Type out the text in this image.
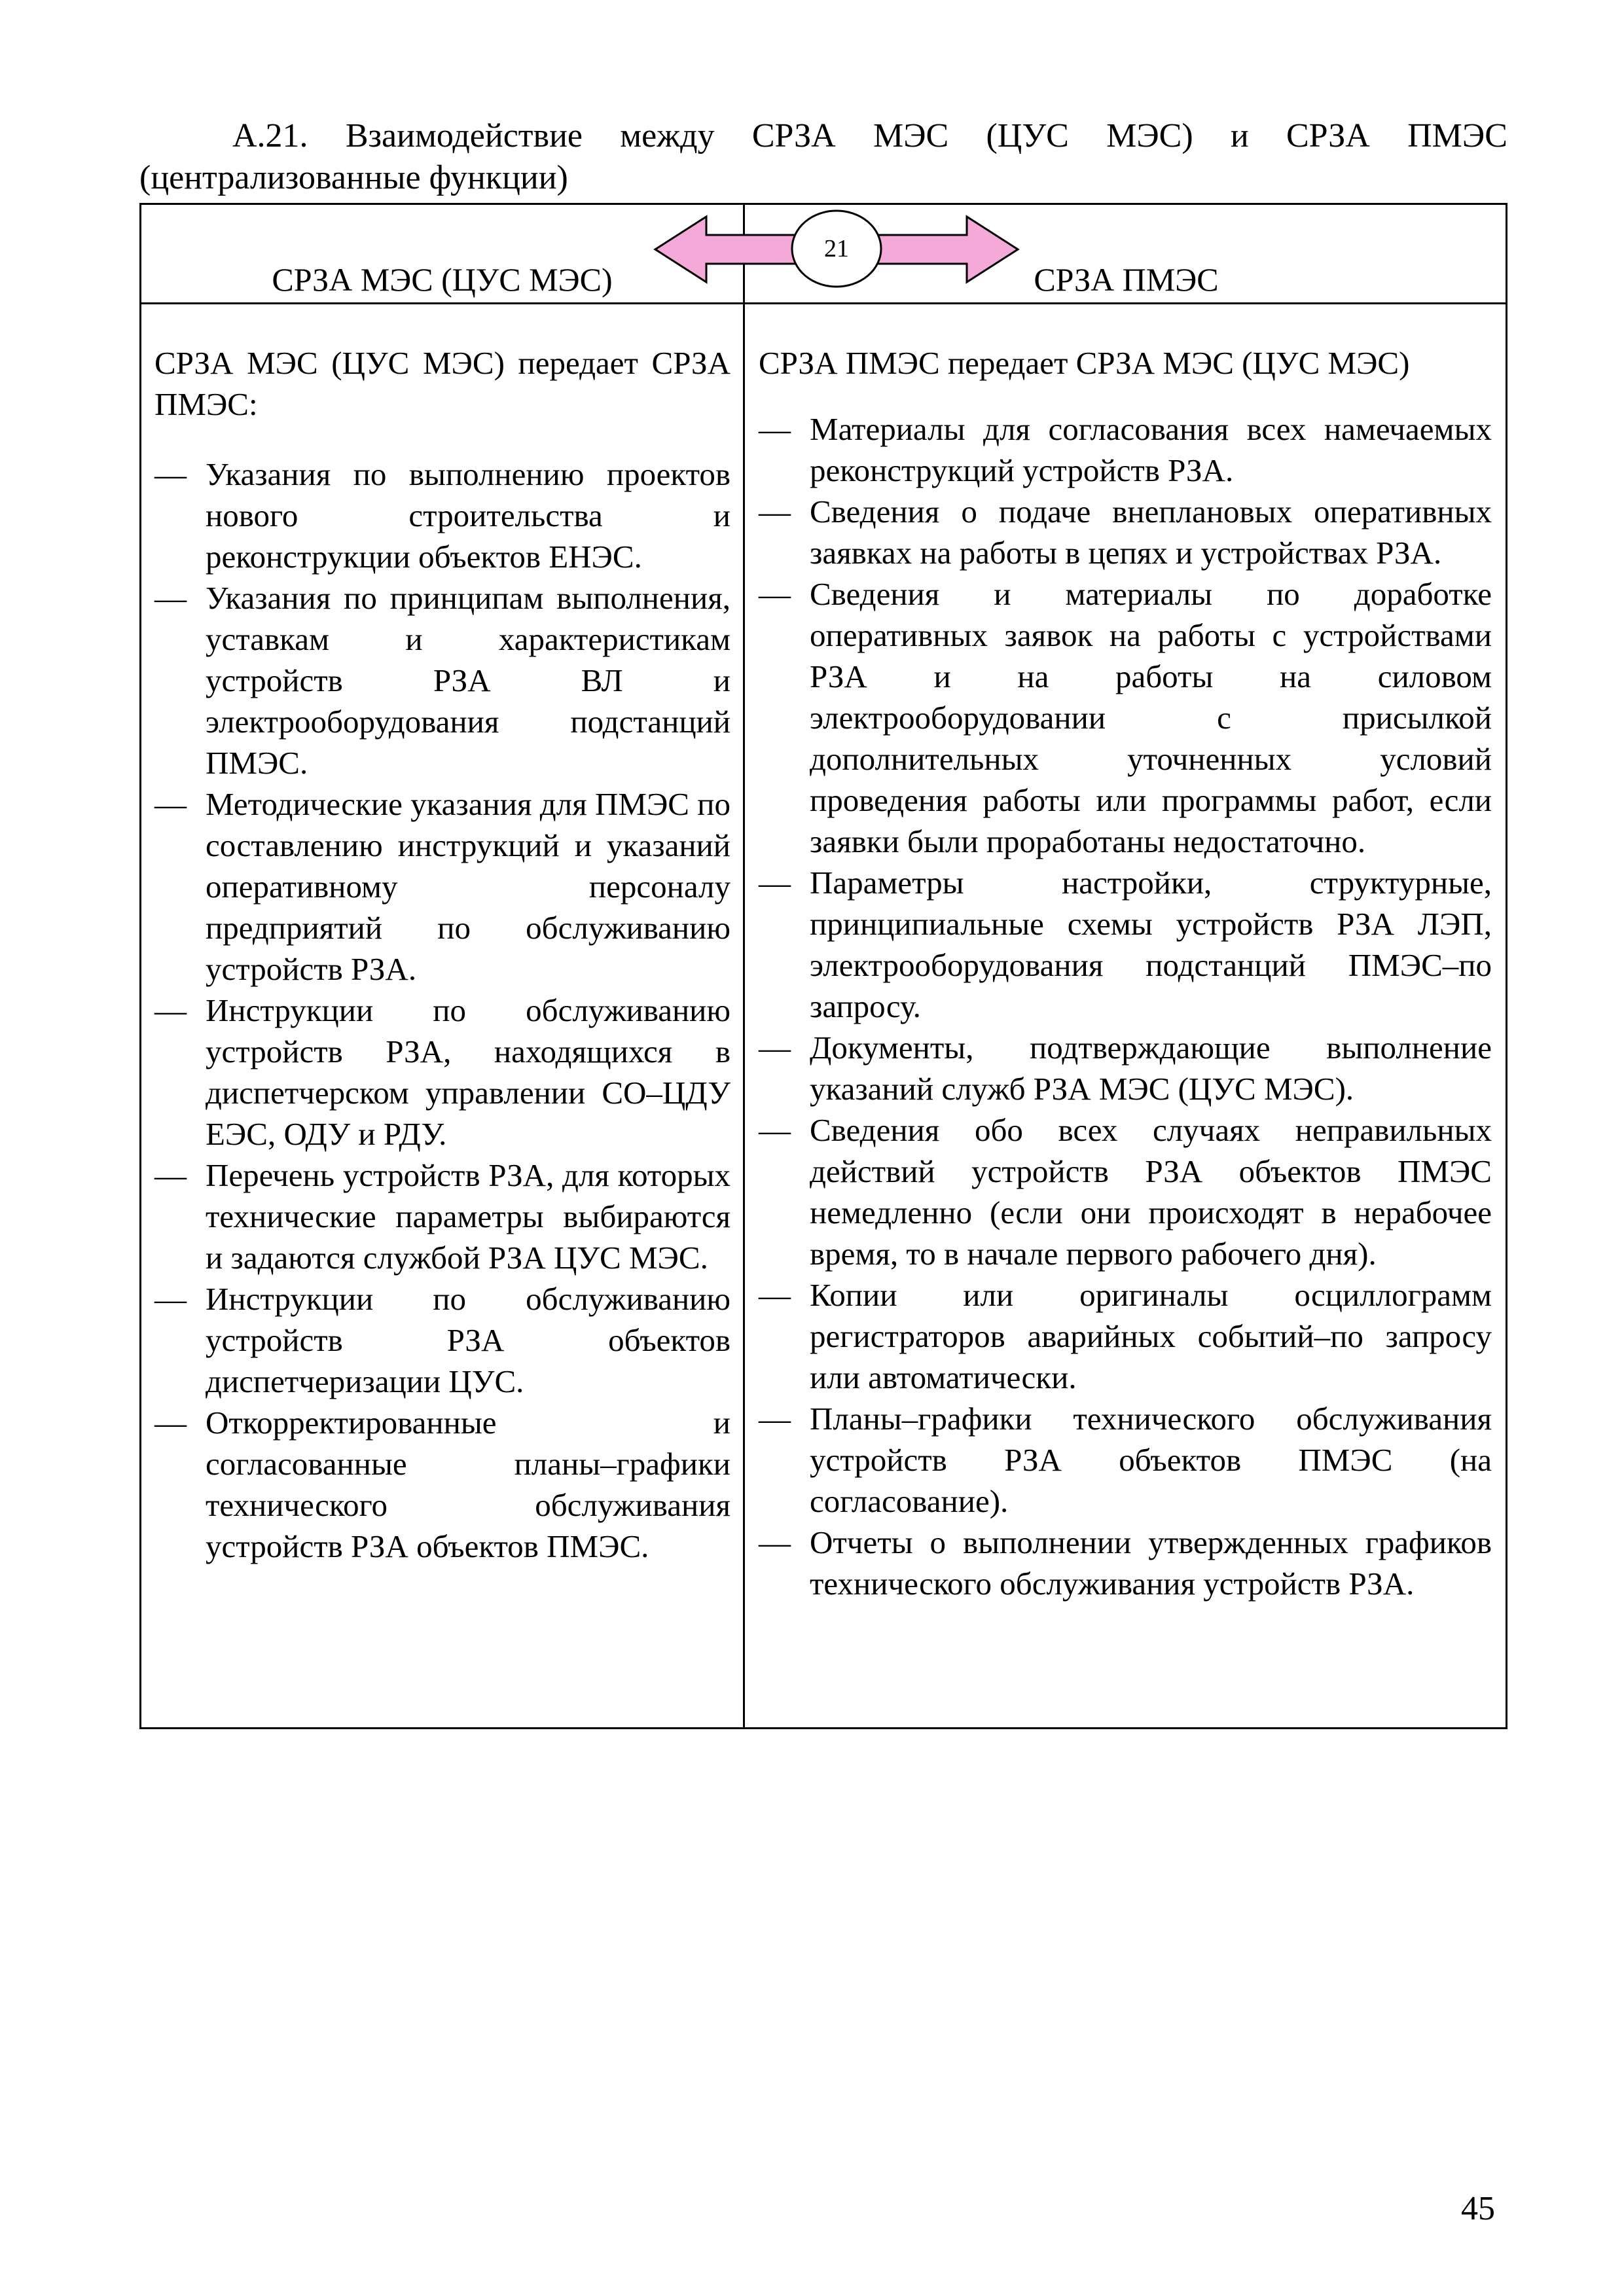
А.21. Взаимодействие между СРЗА МЭС (ЦУС МЭС) и СРЗА ПМЭС
(централизованные функции)
СРЗА МЭС (ЦУС МЭС)	СРЗА ПМЭС
21
СРЗА МЭС (ЦУС МЭС) передает СРЗА ПМЭС:
— Указания по выполнению проектов нового строительства и реконструкции объектов ЕНЭС.
— Указания по принципам выполнения, уставкам и характеристикам устройств РЗА ВЛ и электрооборудования подстанций ПМЭС.
— Методические указания для ПМЭС по составлению инструкций и указаний оперативному персоналу предприятий по обслуживанию устройств РЗА.
— Инструкции по обслуживанию устройств РЗА, находящихся в диспетчерском управлении СО–ЦДУ ЕЭС, ОДУ и РДУ.
— Перечень устройств РЗА, для которых технические параметры выбираются и задаются службой РЗА ЦУС МЭС.
— Инструкции по обслуживанию устройств РЗА объектов диспетчеризации ЦУС.
— Откорректированные и согласованные планы–графики технического обслуживания устройств РЗА объектов ПМЭС.
СРЗА ПМЭС передает СРЗА МЭС (ЦУС МЭС)
— Материалы для согласования всех намечаемых реконструкций устройств РЗА.
— Сведения о подаче внеплановых оперативных заявках на работы в цепях и устройствах РЗА.
— Сведения и материалы по доработке оперативных заявок на работы с устройствами РЗА и на работы на силовом электрооборудовании с присылкой дополнительных уточненных условий проведения работы или программы работ, если заявки были проработаны недостаточно.
— Параметры настройки, структурные, принципиальные схемы устройств РЗА ЛЭП, электрооборудования подстанций ПМЭС–по запросу.
— Документы, подтверждающие выполнение указаний служб РЗА МЭС (ЦУС МЭС).
— Сведения обо всех случаях неправильных действий устройств РЗА объектов ПМЭС немедленно (если они происходят в нерабочее время, то в начале первого рабочего дня).
— Копии или оригиналы осциллограмм регистраторов аварийных событий–по запросу или автоматически.
— Планы–графики технического обслуживания устройств РЗА объектов ПМЭС (на согласование).
— Отчеты о выполнении утвержденных графиков технического обслуживания устройств РЗА.
45
